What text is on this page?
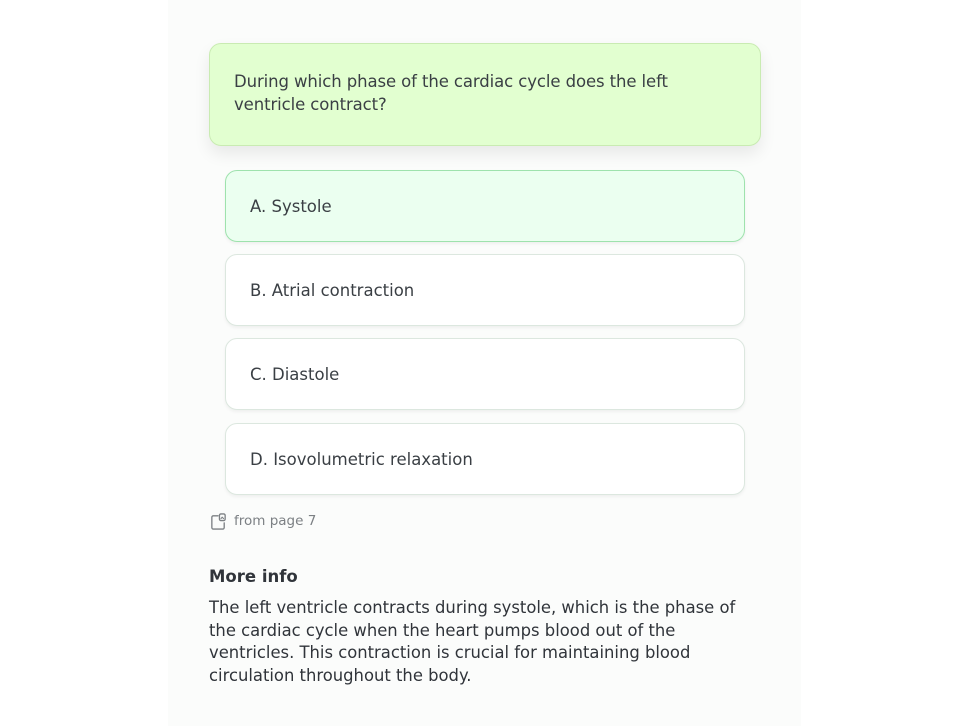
During which phase of the cardiac cycle does the left ventricle contract?
A. Systole
B. Atrial contraction
C. Diastole
D. Isovolumetric relaxation
from page 7
More info
The left ventricle contracts during systole, which is the phase of the cardiac cycle when the heart pumps blood out of the ventricles. This contraction is crucial for maintaining blood circulation throughout the body.
